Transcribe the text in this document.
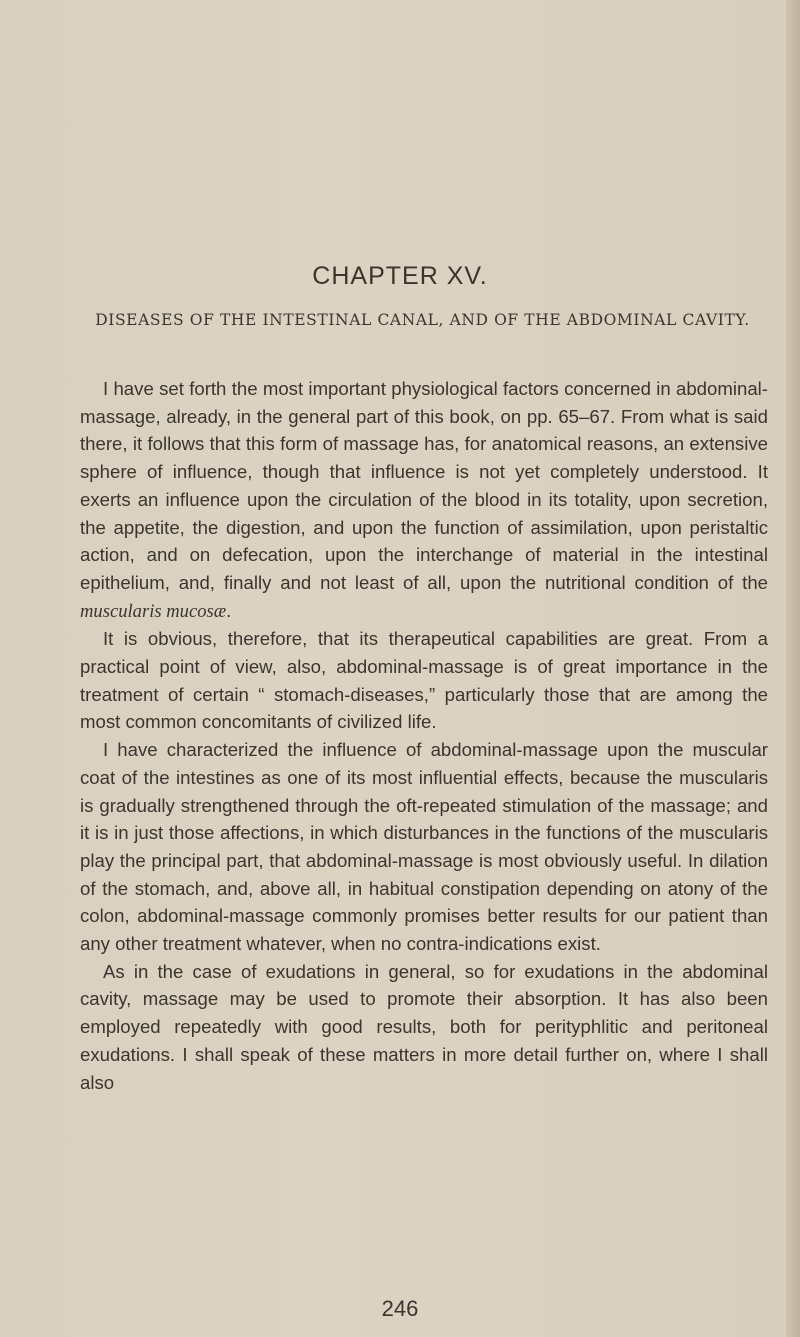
CHAPTER XV.
DISEASES OF THE INTESTINAL CANAL, AND OF THE ABDOMINAL CAVITY.

I have set forth the most important physiological factors concerned in abdominal-massage, already, in the general part of this book, on pp. 65–67. From what is said there, it follows that this form of massage has, for anatomical reasons, an extensive sphere of influence, though that influence is not yet completely understood. It exerts an influence upon the circulation of the blood in its totality, upon secretion, the appetite, the digestion, and upon the function of assimilation, upon peristaltic action, and on defecation, upon the interchange of material in the intestinal epithelium, and, finally and not least of all, upon the nutritional condition of the muscularis mucosæ.

It is obvious, therefore, that its therapeutical capabilities are great. From a practical point of view, also, abdominal-massage is of great importance in the treatment of certain “ stomach-diseases,” particularly those that are among the most common concomitants of civilized life.

I have characterized the influence of abdominal-massage upon the muscular coat of the intestines as one of its most influential effects, because the muscularis is gradually strengthened through the oft-repeated stimulation of the massage; and it is in just those affections, in which disturbances in the functions of the muscularis play the principal part, that abdominal-massage is most obviously useful. In dilation of the stomach, and, above all, in habitual constipation depending on atony of the colon, abdominal-massage commonly promises better results for our patient than any other treatment whatever, when no contra-indications exist.

As in the case of exudations in general, so for exudations in the abdominal cavity, massage may be used to promote their absorption. It has also been employed repeatedly with good results, both for perityphlitic and peritoneal exudations. I shall speak of these matters in more detail further on, where I shall also

246
